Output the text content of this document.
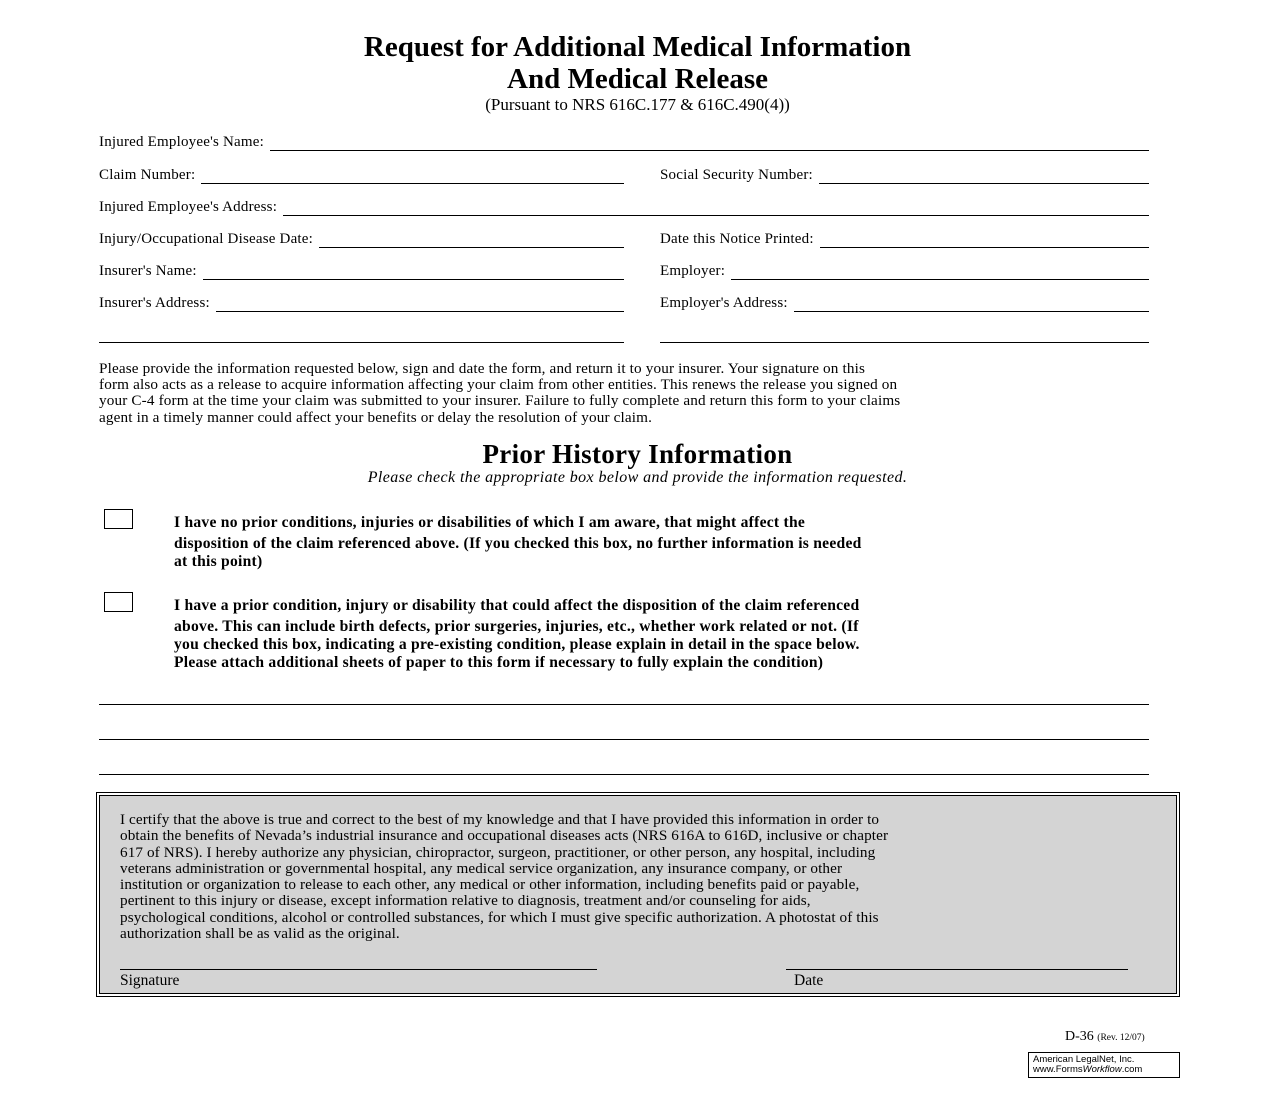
Request for Additional Medical Information
And Medical Release
(Pursuant to NRS 616C.177 & 616C.490(4))
Injured Employee's Name:
Claim Number:	Social Security Number:
Injured Employee's Address:
Injury/Occupational Disease Date:	Date this Notice Printed:
Insurer's Name:	Employer:
Insurer's Address:	Employer's Address:
Please provide the information requested below, sign and date the form, and return it to your insurer. Your signature on this
form also acts as a release to acquire information affecting your claim from other entities. This renews the release you signed on
your C-4 form at the time your claim was submitted to your insurer. Failure to fully complete and return this form to your claims
agent in a timely manner could affect your benefits or delay the resolution of your claim.
Prior History Information
Please check the appropriate box below and provide the information requested.
I have no prior conditions, injuries or disabilities of which I am aware, that might affect the
disposition of the claim referenced above. (If you checked this box, no further information is needed
at this point)
I have a prior condition, injury or disability that could affect the disposition of the claim referenced
above. This can include birth defects, prior surgeries, injuries, etc., whether work related or not. (If
you checked this box, indicating a pre-existing condition, please explain in detail in the space below.
Please attach additional sheets of paper to this form if necessary to fully explain the condition)
I certify that the above is true and correct to the best of my knowledge and that I have provided this information in order to
obtain the benefits of Nevada’s industrial insurance and occupational diseases acts (NRS 616A to 616D, inclusive or chapter
617 of NRS). I hereby authorize any physician, chiropractor, surgeon, practitioner, or other person, any hospital, including
veterans administration or governmental hospital, any medical service organization, any insurance company, or other
institution or organization to release to each other, any medical or other information, including benefits paid or payable,
pertinent to this injury or disease, except information relative to diagnosis, treatment and/or counseling for aids,
psychological conditions, alcohol or controlled substances, for which I must give specific authorization. A photostat of this
authorization shall be as valid as the original.
Signature	Date
D-36 (Rev. 12/07)
American LegalNet, Inc.
www.FormsWorkflow.com
